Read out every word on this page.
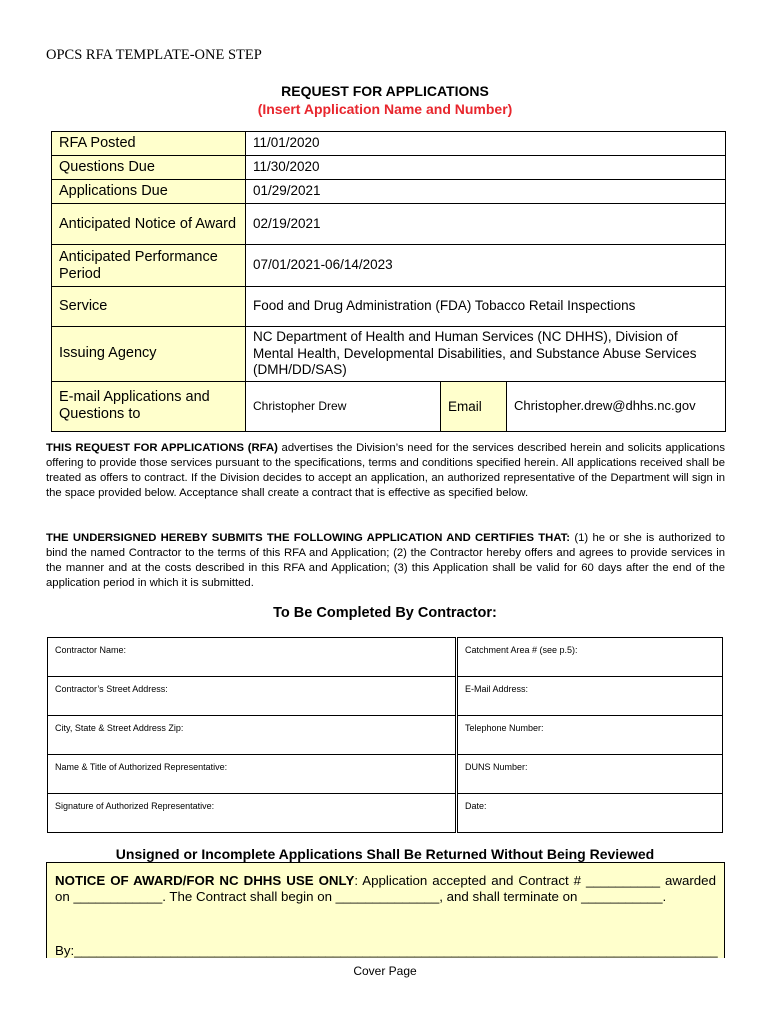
OPCS RFA TEMPLATE-ONE STEP
REQUEST FOR APPLICATIONS
(Insert Application Name and Number)
RFA Posted	11/01/2020		
Questions Due	11/30/2020		
Applications Due	01/29/2021		
Anticipated Notice of Award	02/19/2021		
Anticipated Performance Period	07/01/2021-06/14/2023		
Service	Food and Drug Administration (FDA) Tobacco Retail Inspections		
Issuing Agency	NC Department of Health and Human Services (NC DHHS), Division of Mental Health, Developmental Disabilities, and Substance Abuse Services (DMH/DD/SAS)		
E-mail Applications and Questions to	Christopher Drew	Email	Christopher.drew@dhhs.nc.gov
THIS REQUEST FOR APPLICATIONS (RFA) advertises the Division’s need for the services described herein and solicits applications offering to provide those services pursuant to the specifications, terms and conditions specified herein. All applications received shall be treated as offers to contract. If the Division decides to accept an application, an authorized representative of the Department will sign in the space provided below. Acceptance shall create a contract that is effective as specified below.
THE UNDERSIGNED HEREBY SUBMITS THE FOLLOWING APPLICATION AND CERTIFIES THAT: (1) he or she is authorized to bind the named Contractor to the terms of this RFA and Application; (2) the Contractor hereby offers and agrees to provide services in the manner and at the costs described in this RFA and Application; (3) this Application shall be valid for 60 days after the end of the application period in which it is submitted.
To Be Completed By Contractor:
Contractor Name:	Catchment Area # (see p.5):
Contractor’s Street Address:	E-Mail Address:
City, State & Street Address Zip:	Telephone Number:
Name & Title of Authorized Representative:	DUNS Number:
Signature of Authorized Representative:	Date:
Unsigned or Incomplete Applications Shall Be Returned Without Being Reviewed
NOTICE OF AWARD/FOR NC DHHS USE ONLY: Application accepted and Contract # __________ awarded on ____________. The Contract shall begin on ______________, and shall terminate on ___________.
By:_______________________________________________________________________________________
Cover Page
